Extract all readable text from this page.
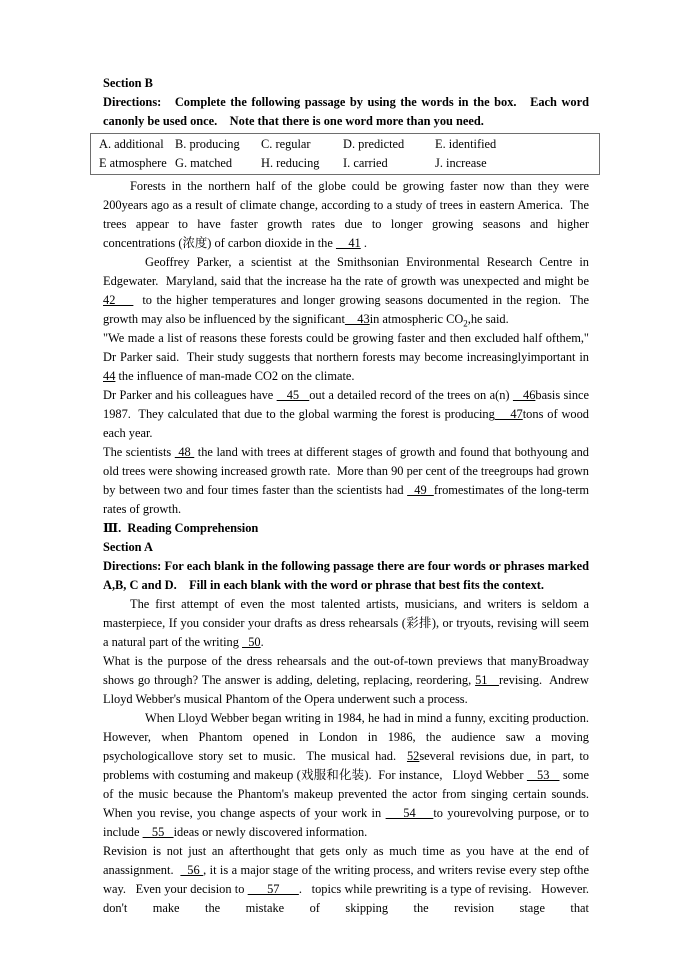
Section B

Directions:   Complete the following passage by using the words in the box.   Each word canonly be used once.    Note that there is one word more than you need.

A. additional B. producing	C. regular	D. predicted	E. identified
E atmosphere G. matched	H. reducing	I. carried	J. increase

Forests in the northern half of the globe could be growing faster now than they were 200years ago as a result of climate change, according to a study of trees in eastern America.  The trees appear to have faster growth rates due to longer growing seasons and higher     concentrations (浓度) of carbon dioxide in the     41 .

Geoffrey Parker, a scientist at the Smithsonian Environmental Research Centre in Edgewater.  Maryland, said that the increase ha the rate of growth was unexpected and might be 42      to the higher temperatures and longer growing seasons documented in the region.  The growth may also be influenced by the significant    43in atmospheric $CO_2,he$ said.

"We made a list of reasons these forests could be growing faster and then excluded half ofthem," Dr Parker said.  Their study suggests that northern forests may become increasinglyimportant in 44 the influence of man-made CO2 on the climate.

Dr Parker and his colleagues have    45   out a detailed record of the trees on a(n)    46basis since 1987.  They calculated that due to the global warming the forest is producing    47tons of wood each year.

The scientists  48  the land with trees at different stages of growth and found that bothyoung and old trees were showing increased growth rate.  More than 90 per cent of the treegroups had grown by between two and four times faster than the scientists had   49  fromestimates of the long-term rates of growth.

Ⅲ.  Reading Comprehension

Section A

Directions: For each blank in the following passage there are four words or phrases marked A,B, C and D.    Fill in each blank with the word or phrase that best fits the context.

The first attempt of even the most talented artists, musicians, and writers is seldom a masterpiece, If you consider your drafts as dress rehearsals (彩排), or tryouts, revising will seem a natural part of the writing   50.

What is the purpose of the dress rehearsals and the out-of-town previews that manyBroadway shows go through? The answer is adding, deleting, replacing, reordering, 51   revising.  Andrew Lloyd Webber's musical Phantom of the Opera underwent such a process.

When Lloyd Webber began writing in 1984, he had in mind a funny, exciting production.  However, when Phantom opened in London in 1986, the audience saw a moving psychologicallove story set to music.  The musical had.  52several revisions due, in part, to problems with costuming and makeup (戏服和化装).  For instance,   Lloyd Webber    53    some of the music because the Phantom's makeup prevented the actor from singing certain sounds.  When you revise, you change aspects of your work in     54    to yourevolving purpose, or to include    55   ideas or newly discovered information.

Revision is not just an afterthought that gets only as much time as you have at the end of anassignment.    56 , it is a major stage of the writing process, and writers revise every step ofthe way.   Even your decision to       57      .   topics while prewriting is a type of revising.   However.   don't make the mistake of skipping the revision stage that
